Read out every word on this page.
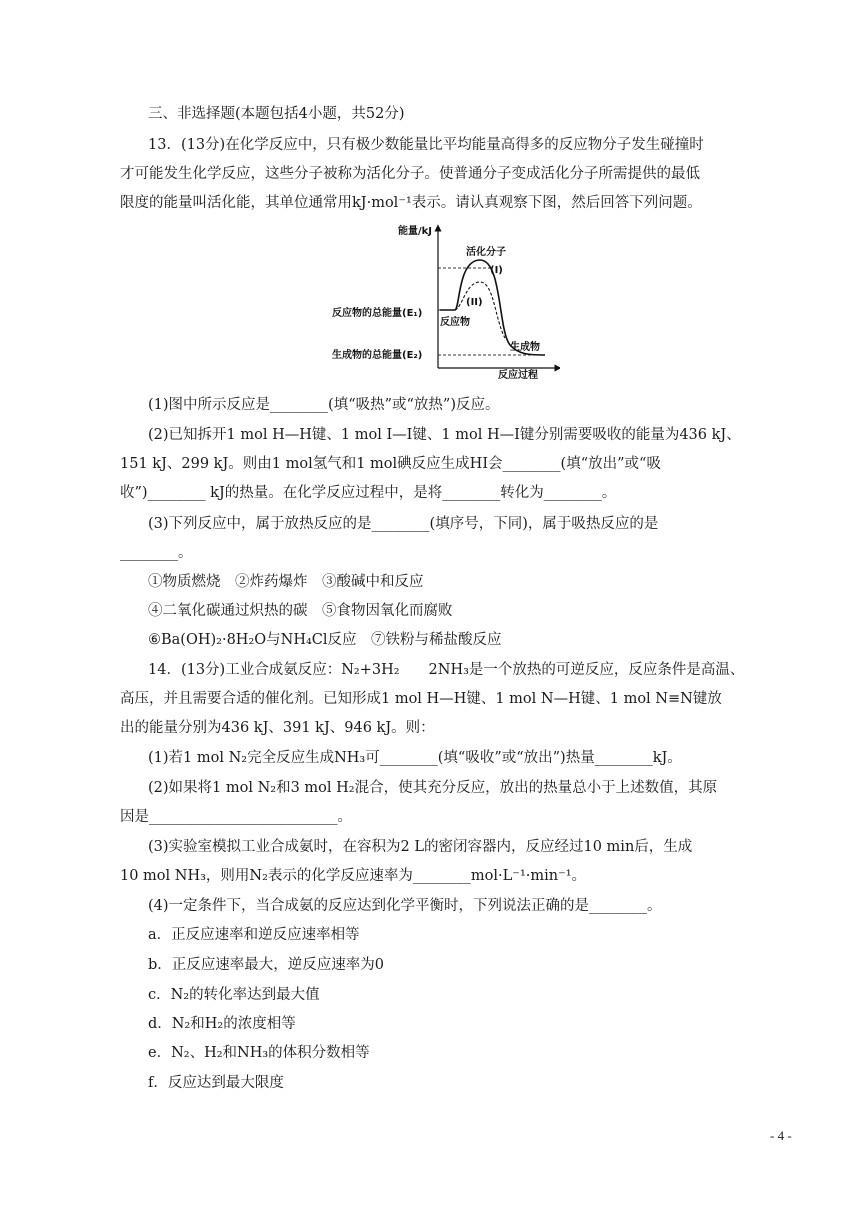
三、非选择题(本题包括4小题，共52分)
13．(13分)在化学反应中，只有极少数能量比平均能量高得多的反应物分子发生碰撞时
才可能发生化学反应，这些分子被称为活化分子。使普通分子变成活化分子所需提供的最低
限度的能量叫活化能，其单位通常用kJ·mol⁻¹表示。请认真观察下图，然后回答下列问题。
能量/kJ
活化分子
(I)
(II)
反应物
生成物
反应物的总能量(E₁)
生成物的总能量(E₂)
反应过程
(1)图中所示反应是________(填“吸热”或“放热”)反应。
(2)已知拆开1 mol H—H键、1 mol I—I键、1 mol H—I键分别需要吸收的能量为436 kJ、
151 kJ、299 kJ。则由1 mol氢气和1 mol碘反应生成HI会________(填“放出”或“吸
收”)________ kJ的热量。在化学反应过程中，是将________转化为________。
(3)下列反应中，属于放热反应的是________(填序号，下同)，属于吸热反应的是
________。
①物质燃烧　②炸药爆炸　③酸碱中和反应
④二氧化碳通过炽热的碳　⑤食物因氧化而腐败
⑥Ba(OH)₂·8H₂O与NH₄Cl反应　⑦铁粉与稀盐酸反应
14．(13分)工业合成氨反应：N₂+3H₂　　2NH₃是一个放热的可逆反应，反应条件是高温、
高压，并且需要合适的催化剂。已知形成1 mol H—H键、1 mol N—H键、1 mol N≡N键放
出的能量分别为436 kJ、391 kJ、946 kJ。则：
(1)若1 mol N₂完全反应生成NH₃可________(填“吸收”或“放出”)热量________kJ。
(2)如果将1 mol N₂和3 mol H₂混合，使其充分反应，放出的热量总小于上述数值，其原
因是__________________________。
(3)实验室模拟工业合成氨时，在容积为2 L的密闭容器内，反应经过10 min后，生成
10 mol NH₃，则用N₂表示的化学反应速率为________mol·L⁻¹·min⁻¹。
(4)一定条件下，当合成氨的反应达到化学平衡时，下列说法正确的是________。
a．正反应速率和逆反应速率相等
b．正反应速率最大，逆反应速率为0
c．N₂的转化率达到最大值
d．N₂和H₂的浓度相等
e．N₂、H₂和NH₃的体积分数相等
f．反应达到最大限度
- 4 -
